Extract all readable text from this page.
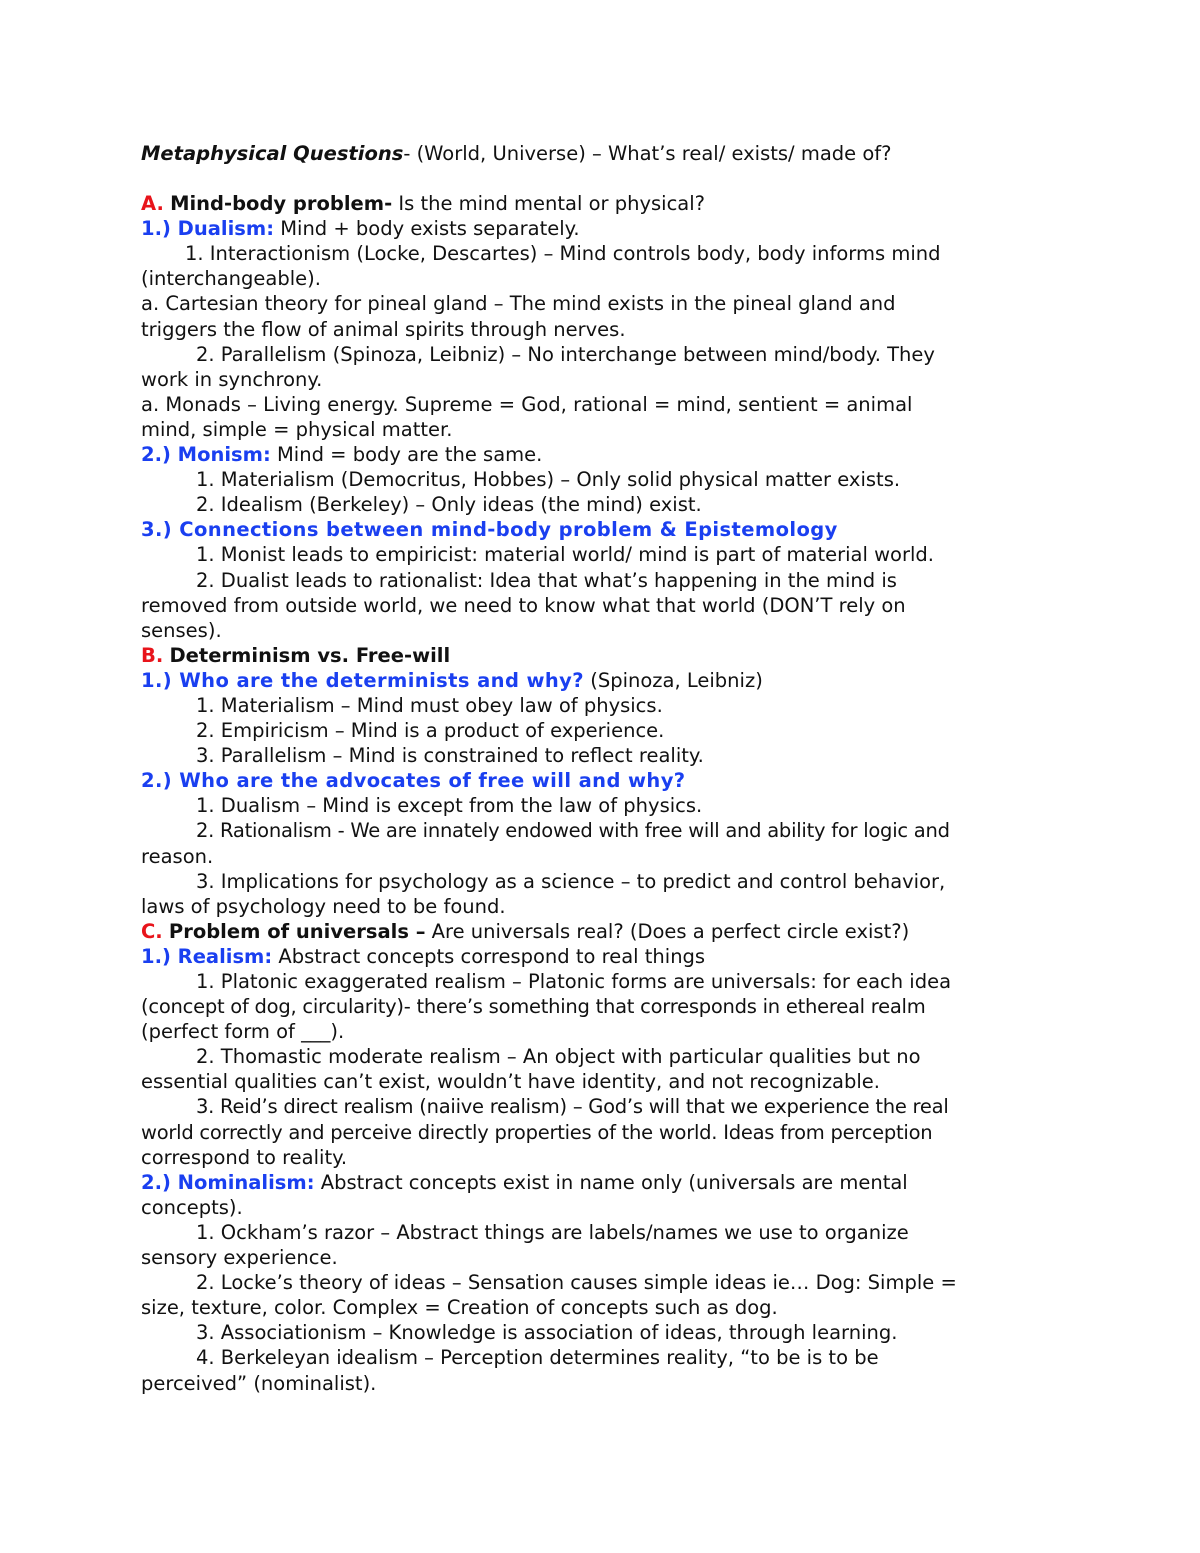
Metaphysical Questions- (World, Universe) – What’s real/ exists/ made of?

A. Mind-body problem- Is the mind mental or physical?

1.) Dualism: Mind + body exists separately.

1. Interactionism (Locke, Descartes) – Mind controls body, body informs mind

(interchangeable).

a. Cartesian theory for pineal gland – The mind exists in the pineal gland and

triggers the flow of animal spirits through nerves.

2. Parallelism (Spinoza, Leibniz) – No interchange between mind/body. They

work in synchrony.

a. Monads – Living energy. Supreme = God, rational = mind, sentient = animal

mind, simple = physical matter.

2.) Monism: Mind = body are the same.

1. Materialism (Democritus, Hobbes) – Only solid physical matter exists.

2. Idealism (Berkeley) – Only ideas (the mind) exist.

3.) Connections between mind-body problem & Epistemology

1. Monist leads to empiricist: material world/ mind is part of material world.

2. Dualist leads to rationalist: Idea that what’s happening in the mind is

removed from outside world, we need to know what that world (DON’T rely on

senses).

B. Determinism vs. Free-will

1.) Who are the determinists and why? (Spinoza, Leibniz)

1. Materialism – Mind must obey law of physics.

2. Empiricism – Mind is a product of experience.

3. Parallelism – Mind is constrained to reflect reality.

2.) Who are the advocates of free will and why?

1. Dualism – Mind is except from the law of physics.

2. Rationalism - We are innately endowed with free will and ability for logic and

reason.

3. Implications for psychology as a science – to predict and control behavior,

laws of psychology need to be found.

C. Problem of universals – Are universals real? (Does a perfect circle exist?)

1.) Realism: Abstract concepts correspond to real things

1. Platonic exaggerated realism – Platonic forms are universals: for each idea

(concept of dog, circularity)- there’s something that corresponds in ethereal realm

(perfect form of ___).

2. Thomastic moderate realism – An object with particular qualities but no

essential qualities can’t exist, wouldn’t have identity, and not recognizable.

3. Reid’s direct realism (naiive realism) – God’s will that we experience the real

world correctly and perceive directly properties of the world. Ideas from perception

correspond to reality.

2.) Nominalism: Abstract concepts exist in name only (universals are mental

concepts).

1. Ockham’s razor – Abstract things are labels/names we use to organize

sensory experience.

2. Locke’s theory of ideas – Sensation causes simple ideas ie… Dog: Simple =

size, texture, color. Complex = Creation of concepts such as dog.

3. Associationism – Knowledge is association of ideas, through learning.

4. Berkeleyan idealism – Perception determines reality, “to be is to be

perceived” (nominalist).
